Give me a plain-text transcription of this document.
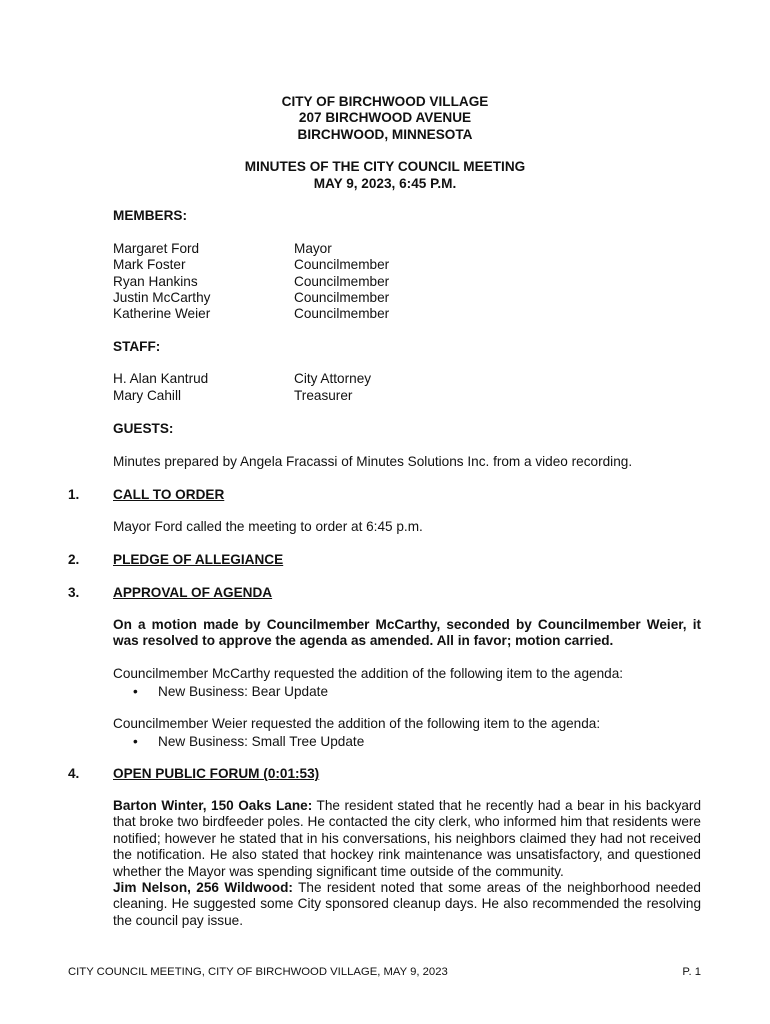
CITY OF BIRCHWOOD VILLAGE
207 BIRCHWOOD AVENUE
BIRCHWOOD, MINNESOTA
MINUTES OF THE CITY COUNCIL MEETING
MAY 9, 2023, 6:45 P.M.
MEMBERS:
Margaret Ford	Mayor
Mark Foster	Councilmember
Ryan Hankins	Councilmember
Justin McCarthy	Councilmember
Katherine Weier	Councilmember
STAFF:
H. Alan Kantrud	City Attorney
Mary Cahill	Treasurer
GUESTS:
Minutes prepared by Angela Fracassi of Minutes Solutions Inc. from a video recording.
1. CALL TO ORDER
Mayor Ford called the meeting to order at 6:45 p.m.
2. PLEDGE OF ALLEGIANCE
3. APPROVAL OF AGENDA
On a motion made by Councilmember McCarthy, seconded by Councilmember Weier, it was resolved to approve the agenda as amended. All in favor; motion carried.
Councilmember McCarthy requested the addition of the following item to the agenda:
• New Business: Bear Update
Councilmember Weier requested the addition of the following item to the agenda:
• New Business: Small Tree Update
4. OPEN PUBLIC FORUM (0:01:53)
Barton Winter, 150 Oaks Lane: The resident stated that he recently had a bear in his backyard that broke two birdfeeder poles. He contacted the city clerk, who informed him that residents were notified; however he stated that in his conversations, his neighbors claimed they had not received the notification. He also stated that hockey rink maintenance was unsatisfactory, and questioned whether the Mayor was spending significant time outside of the community.
Jim Nelson, 256 Wildwood: The resident noted that some areas of the neighborhood needed cleaning. He suggested some City sponsored cleanup days. He also recommended the resolving the council pay issue.
CITY COUNCIL MEETING, CITY OF BIRCHWOOD VILLAGE, MAY 9, 2023	P. 1
